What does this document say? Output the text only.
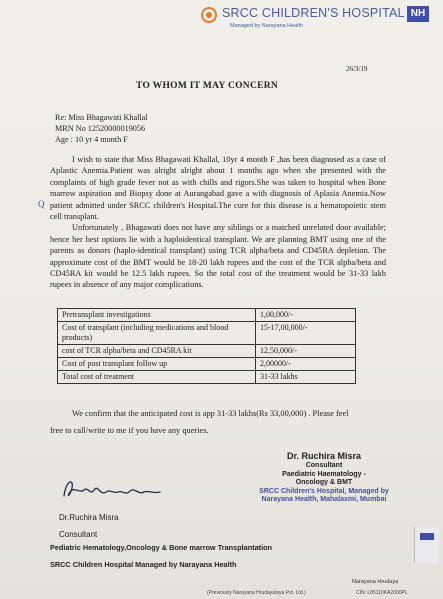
SRCC CHILDREN'S HOSPITAL
Managed by Narayana Health
NH
26/3/19
TO WHOM IT MAY CONCERN
Re: Miss Bhagawati Khallal
MRN No 12520000019056
Age : 10 yr 4 month F
Q

I wish to state that Miss Bhagawati Khallal, 10yr 4 month F ,has been diagnosed as a case of Aplastic Anemia.Patient was alright alright about 1 months ago when she presented with the complaints of high grade fever not as with chills and rigors.She was taken to hospital when Bone marrow aspiration and Biopsy done at Aurangabad gave a with diagnosis of Aplasia Anemia.Now patient admitted under SRCC children's Hospital.The cure for this disease is a hematopoietic stem cell transplant.

Unfortunately , Bhagawati does not have any siblings or a matched unrelated door available; hence her best options lie with a haploidentical transplant. We are planning BMT using one of the parents as donors (haplo-identical transplant) using TCR alpha/beta and CD45RA depletion. The approximate cost of the BMT would be 18-20 lakh rupees and the cost of the TCR alpha/beta and CD45RA kit would be 12.5 lakh rupees. So the total cost of the treatment would be 31-33 lakh rupees in absence of any major complications.

Pretransplant investigations	1,00,000/-
Cost of transplant (including medications and blood products)	15-17,00,000/-
cost of TCR alpha/beta and CD45RA kit	12,50,000/-
Cost of post transplant follow up	2,00000/-
Total cost of treatment	31-33 lakhs

We confirm that the anticipated cost is app 31-33 lakhs(Rs 33,00,000) . Please feel

free to call/write to me if you have any queries.

Dr. Ruchira Misra
Consultant
Paediatric Haematology -
Oncology & BMT
SRCC Children's Hospital, Managed by
Narayana Health, Mahalaxmi, Mumbai
Dr.Ruchira Misra
Consultant
Pediatric Hematology,Oncology & Bone marrow Transplantation
SRCC Children Hospital Managed by Narayana Health
Narayana Hrudaya
(Previously Narayana Hrudayalaya Pvt. Ltd.)	CIN: L85110KA2000PL
